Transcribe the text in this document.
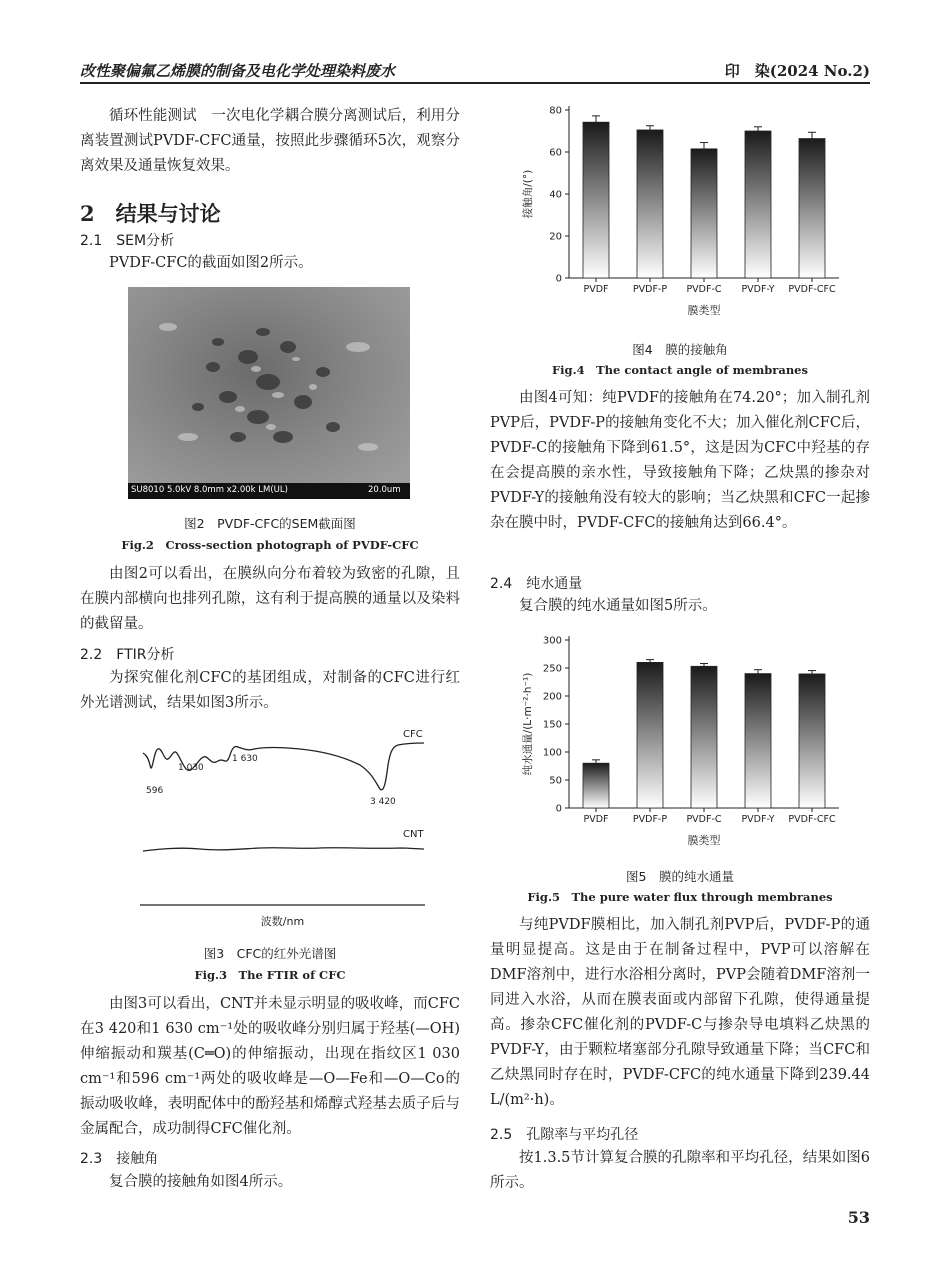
改性聚偏氟乙烯膜的制备及电化学处理染料废水	印　染(2024 No.2)

循环性能测试　一次电化学耦合膜分离测试后，利用分离装置测试PVDF-CFC通量，按照此步骤循环5次，观察分离效果及通量恢复效果。

2　结果与讨论
2.1　SEM分析

PVDF-CFC的截面如图2所示。

SU8010 5.0kV 8.0mm x2.00k LM(UL)	20.0um
图2　PVDF-CFC的SEM截面图
Fig.2　Cross-section photograph of PVDF-CFC

由图2可以看出，在膜纵向分布着较为致密的孔隙，且在膜内部横向也排列孔隙，这有利于提高膜的通量以及染料的截留量。

2.2　FTIR分析

为探究催化剂CFC的基团组成，对制备的CFC进行红外光谱测试，结果如图3所示。

CFC
CNT
1 030
1 630
596
3 420
波数/nm
图3　CFC的红外光谱图
Fig.3　The FTIR of CFC

由图3可以看出，CNT并未显示明显的吸收峰，而CFC在3 420和1 630 cm⁻¹处的吸收峰分别归属于羟基(—OH)伸缩振动和羰基(C═O)的伸缩振动，出现在指纹区1 030 cm⁻¹和596 cm⁻¹两处的吸收峰是—O—Fe和—O—Co的振动吸收峰，表明配体中的酚羟基和烯醇式羟基去质子后与金属配合，成功制得CFC催化剂。

2.3　接触角

复合膜的接触角如图4所示。

0
20
40
60
80
PVDF	PVDF-P PVDF-C PVDF-Y PVDF-CFC
膜类型
接触角/(°)
图4　膜的接触角
Fig.4　The contact angle of membranes

由图4可知：纯PVDF的接触角在74.20°；加入制孔剂PVP后，PVDF-P的接触角变化不大；加入催化剂CFC后，PVDF-C的接触角下降到61.5°，这是因为CFC中羟基的存在会提高膜的亲水性，导致接触角下降；乙炔黑的掺杂对PVDF-Y的接触角没有较大的影响；当乙炔黑和CFC一起掺杂在膜中时，PVDF-CFC的接触角达到66.4°。

2.4　纯水通量

复合膜的纯水通量如图5所示。

0
50
100
150
200
250
300
PVDF	PVDF-P PVDF-C PVDF-Y PVDF-CFC
膜类型
纯水通量/(L·m⁻²·h⁻¹)
图5　膜的纯水通量
Fig.5　The pure water flux through membranes

与纯PVDF膜相比，加入制孔剂PVP后，PVDF-P的通量明显提高。这是由于在制备过程中，PVP可以溶解在DMF溶剂中，进行水浴相分离时，PVP会随着DMF溶剂一同进入水浴，从而在膜表面或内部留下孔隙，使得通量提高。掺杂CFC催化剂的PVDF-C与掺杂导电填料乙炔黑的PVDF-Y，由于颗粒堵塞部分孔隙导致通量下降；当CFC和乙炔黑同时存在时，PVDF-CFC的纯水通量下降到239.44 L/(m²·h)。

2.5　孔隙率与平均孔径

按1.3.5节计算复合膜的孔隙率和平均孔径，结果如图6所示。

53
